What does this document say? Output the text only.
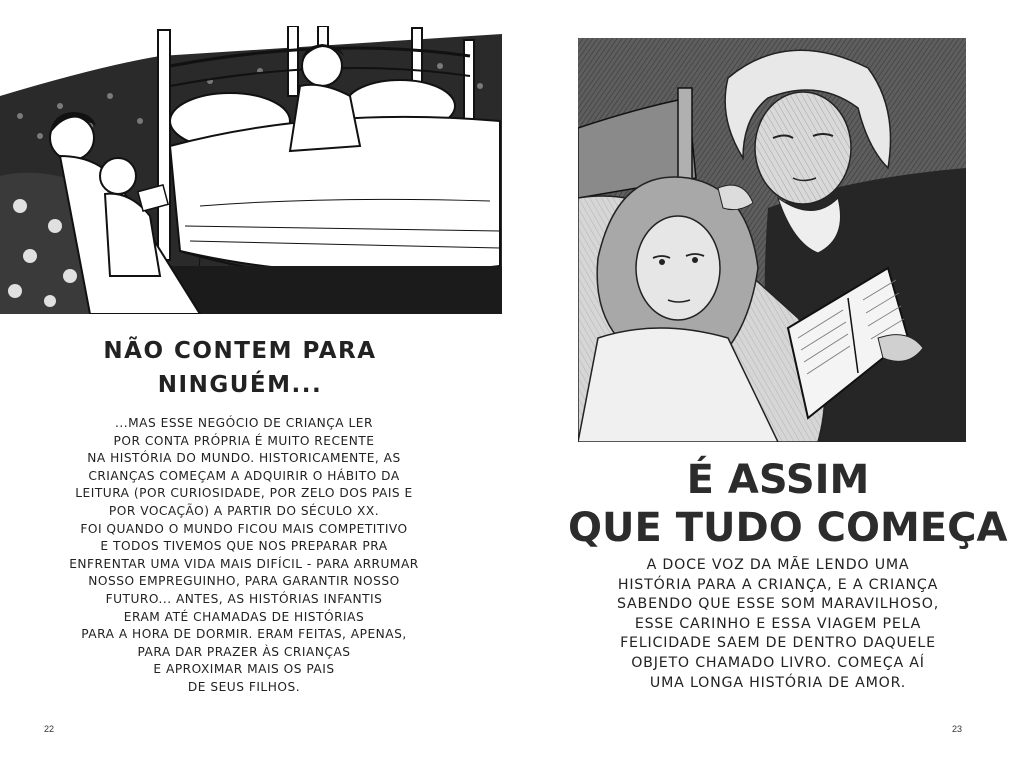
NÃO CONTEM PARA
NINGUÉM...
...MAS ESSE NEGÓCIO DE CRIANÇA LER
POR CONTA PRÓPRIA É MUITO RECENTE
NA HISTÓRIA DO MUNDO. HISTORICAMENTE, AS
CRIANÇAS COMEÇAM A ADQUIRIR O HÁBITO DA
LEITURA (POR CURIOSIDADE, POR ZELO DOS PAIS E
POR VOCAÇÃO) A PARTIR DO SÉCULO XX.
FOI QUANDO O MUNDO FICOU MAIS COMPETITIVO
E TODOS TIVEMOS QUE NOS PREPARAR PRA
ENFRENTAR UMA VIDA MAIS DIFÍCIL - PARA ARRUMAR
NOSSO EMPREGUINHO, PARA GARANTIR NOSSO
FUTURO... ANTES, AS HISTÓRIAS INFANTIS
ERAM ATÉ CHAMADAS DE HISTÓRIAS
PARA A HORA DE DORMIR. ERAM FEITAS, APENAS,
PARA DAR PRAZER ÀS CRIANÇAS
E APROXIMAR MAIS OS PAIS
DE SEUS FILHOS.
22
É ASSIM
QUE TUDO COMEÇA
A DOCE VOZ DA MÃE LENDO UMA
HISTÓRIA PARA A CRIANÇA, E A CRIANÇA
SABENDO QUE ESSE SOM MARAVILHOSO,
ESSE CARINHO E ESSA VIAGEM PELA
FELICIDADE SAEM DE DENTRO DAQUELE
OBJETO CHAMADO LIVRO. COMEÇA AÍ
UMA LONGA HISTÓRIA DE AMOR.
23
